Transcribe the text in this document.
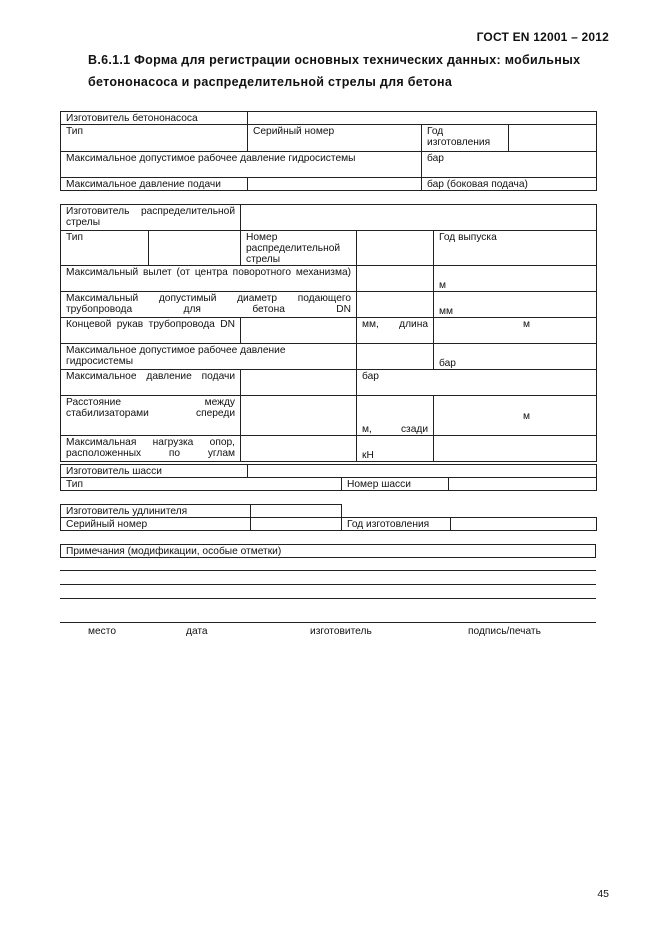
ГОСТ EN 12001 – 2012
B.6.1.1 Форма для регистрации основных технических данных: мобильных бетононасоса и распределительной стрелы для бетона
Изготовитель бетононасоса			
Тип	Серийный номер	Год изготовления	

Максимальное допустимое рабочее давление гидросистемы		бар	
Максимальное давление подачи		бар (боковая подача)	
Изготовитель распределительной стрелы				
Тип		Номер распределительной стрелы		Год выпуска
Максимальный вылет (от центра поворотного механизма)				м
Максимальный допустимый диаметр подающего трубопровода для бетона DN				мм
Концевой рукав трубопровода DN			мм, длина	м
Максимальное допустимое рабочее давление гидросистемы				бар
Максимальное давление подачи			бар	
Расстояние между стабилизаторами спереди			м, сзади	м
Максимальная нагрузка опор, расположенных по углам			кН	
Изготовитель шасси			
Тип		Номер шасси	
Изготовитель удлинителя			
Серийный номер		Год изготовления	
Примечания (модификации, особые отметки)
место	дата	изготовитель	подпись/печать
45
